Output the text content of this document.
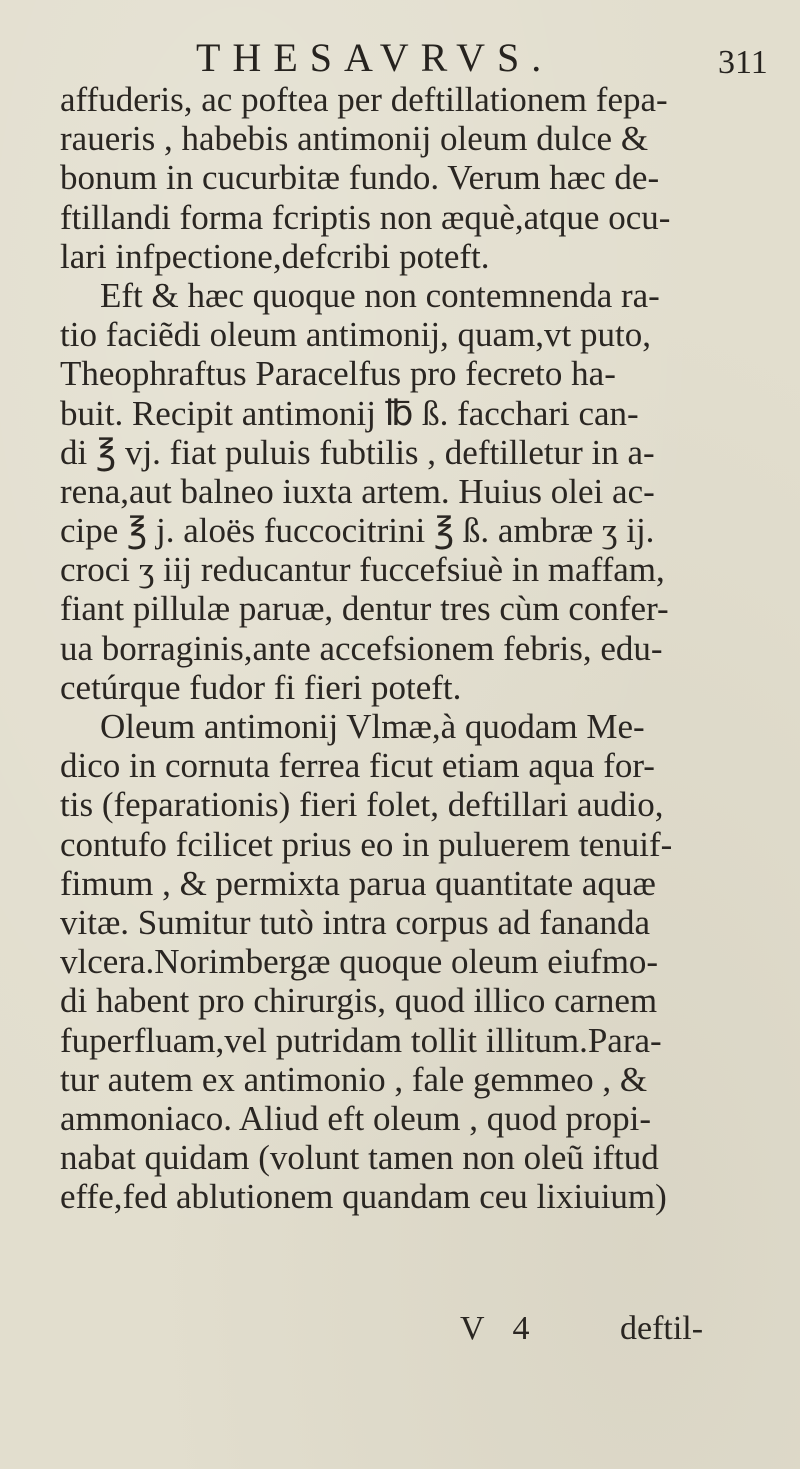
THESAVRVS.	311
affuderis, ac poftea per deftillationem fepa-
raueris , habebis antimonij oleum dulce &
bonum in cucurbitæ fundo. Verum hæc de-
ftillandi forma fcriptis non æquè,atque ocu-
lari infpectione,defcribi poteft.
Eft & hæc quoque non contemnenda ra-
tio faciẽdi oleum antimonij, quam,vt puto,
Theophraftus Paracelfus pro fecreto ha-
buit. Recipit antimonij ℔ ß. facchari can-
di ℥ vj. fiat puluis fubtilis , deftilletur in a-
rena,aut balneo iuxta artem. Huius olei ac-
cipe ℥ j. aloës fuccocitrini ℥ ß. ambræ ʒ ij.
croci ʒ iij reducantur fuccefsiuè in maffam,
fiant pillulæ paruæ, dentur tres cùm confer-
ua borraginis,ante accefsionem febris, edu-
cetúrque fudor fi fieri poteft.
Oleum antimonij Vlmæ,à quodam Me-
dico in cornuta ferrea ficut etiam aqua for-
tis (feparationis) fieri folet, deftillari audio,
contufo fcilicet prius eo in puluerem tenuif-
fimum , & permixta parua quantitate aquæ
vitæ. Sumitur tutò intra corpus ad fananda
vlcera.Norimbergæ quoque oleum eiufmo-
di habent pro chirurgis, quod illico carnem
fuperfluam,vel putridam tollit illitum.Para-
tur autem ex antimonio , fale gemmeo , &
ammoniaco. Aliud eft oleum , quod propi-
nabat quidam (volunt tamen non oleũ iftud
effe,fed ablutionem quandam ceu lixiuium)
V 4 deftil-
